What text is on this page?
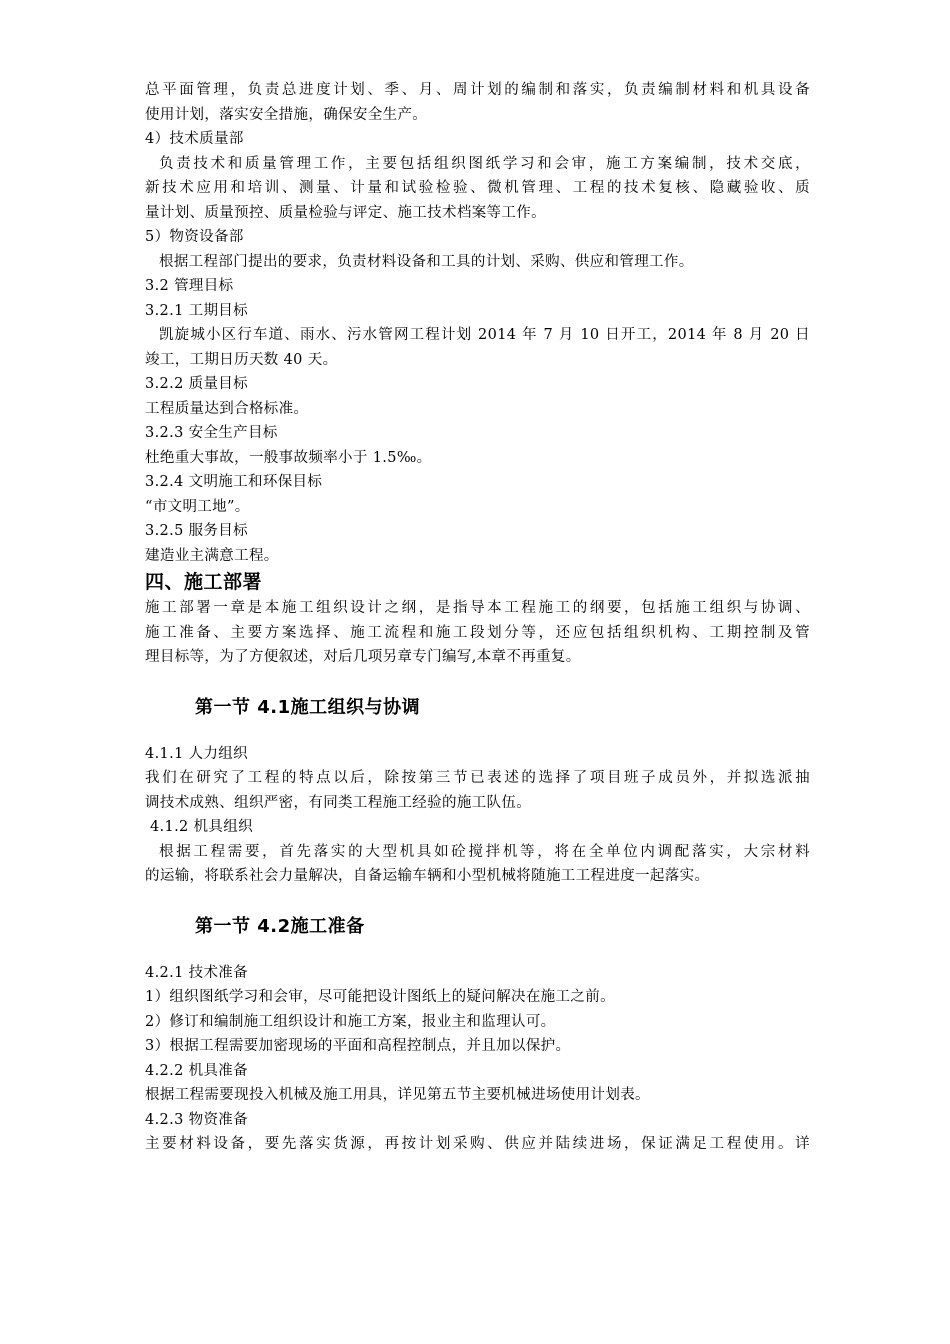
总平面管理，负责总进度计划、季、月、周计划的编制和落实，负责编制材料和机具设备

使用计划，落实安全措施，确保安全生产。

4）技术质量部

负责技术和质量管理工作，主要包括组织图纸学习和会审，施工方案编制，技术交底，

新技术应用和培训、测量、计量和试验检验、微机管理、工程的技术复核、隐藏验收、质

量计划、质量预控、质量检验与评定、施工技术档案等工作。

5）物资设备部

根据工程部门提出的要求，负责材料设备和工具的计划、采购、供应和管理工作。

3.2 管理目标

3.2.1 工期目标

凯旋城小区行车道、雨水、污水管网工程计划 2014 年 7 月 10 日开工，2014 年 8 月 20 日

竣工，工期日历天数 40 天。

3.2.2 质量目标

工程质量达到合格标准。

3.2.3 安全生产目标

杜绝重大事故，一般事故频率小于 1.5‰。

3.2.4 文明施工和环保目标

“市文明工地”。

3.2.5 服务目标

建造业主满意工程。

四、施工部署

施工部署一章是本施工组织设计之纲，是指导本工程施工的纲要，包括施工组织与协调、

施工准备、主要方案选择、施工流程和施工段划分等，还应包括组织机构、工期控制及管

理目标等，为了方便叙述，对后几项另章专门编写,本章不再重复。

第一节 4.1施工组织与协调

4.1.1 人力组织

我们在研究了工程的特点以后，除按第三节已表述的选择了项目班子成员外，并拟选派抽

调技术成熟、组织严密，有同类工程施工经验的施工队伍。

4.1.2 机具组织

根据工程需要，首先落实的大型机具如砼搅拌机等，将在全单位内调配落实，大宗材料

的运输，将联系社会力量解决，自备运输车辆和小型机械将随施工工程进度一起落实。

第一节 4.2施工准备

4.2.1 技术准备

1）组织图纸学习和会审，尽可能把设计图纸上的疑问解决在施工之前。

2）修订和编制施工组织设计和施工方案，报业主和监理认可。

3）根据工程需要加密现场的平面和高程控制点，并且加以保护。

4.2.2 机具准备

根据工程需要现投入机械及施工用具，详见第五节主要机械进场使用计划表。

4.2.3 物资准备

主要材料设备，要先落实货源，再按计划采购、供应并陆续进场，保证满足工程使用。详
